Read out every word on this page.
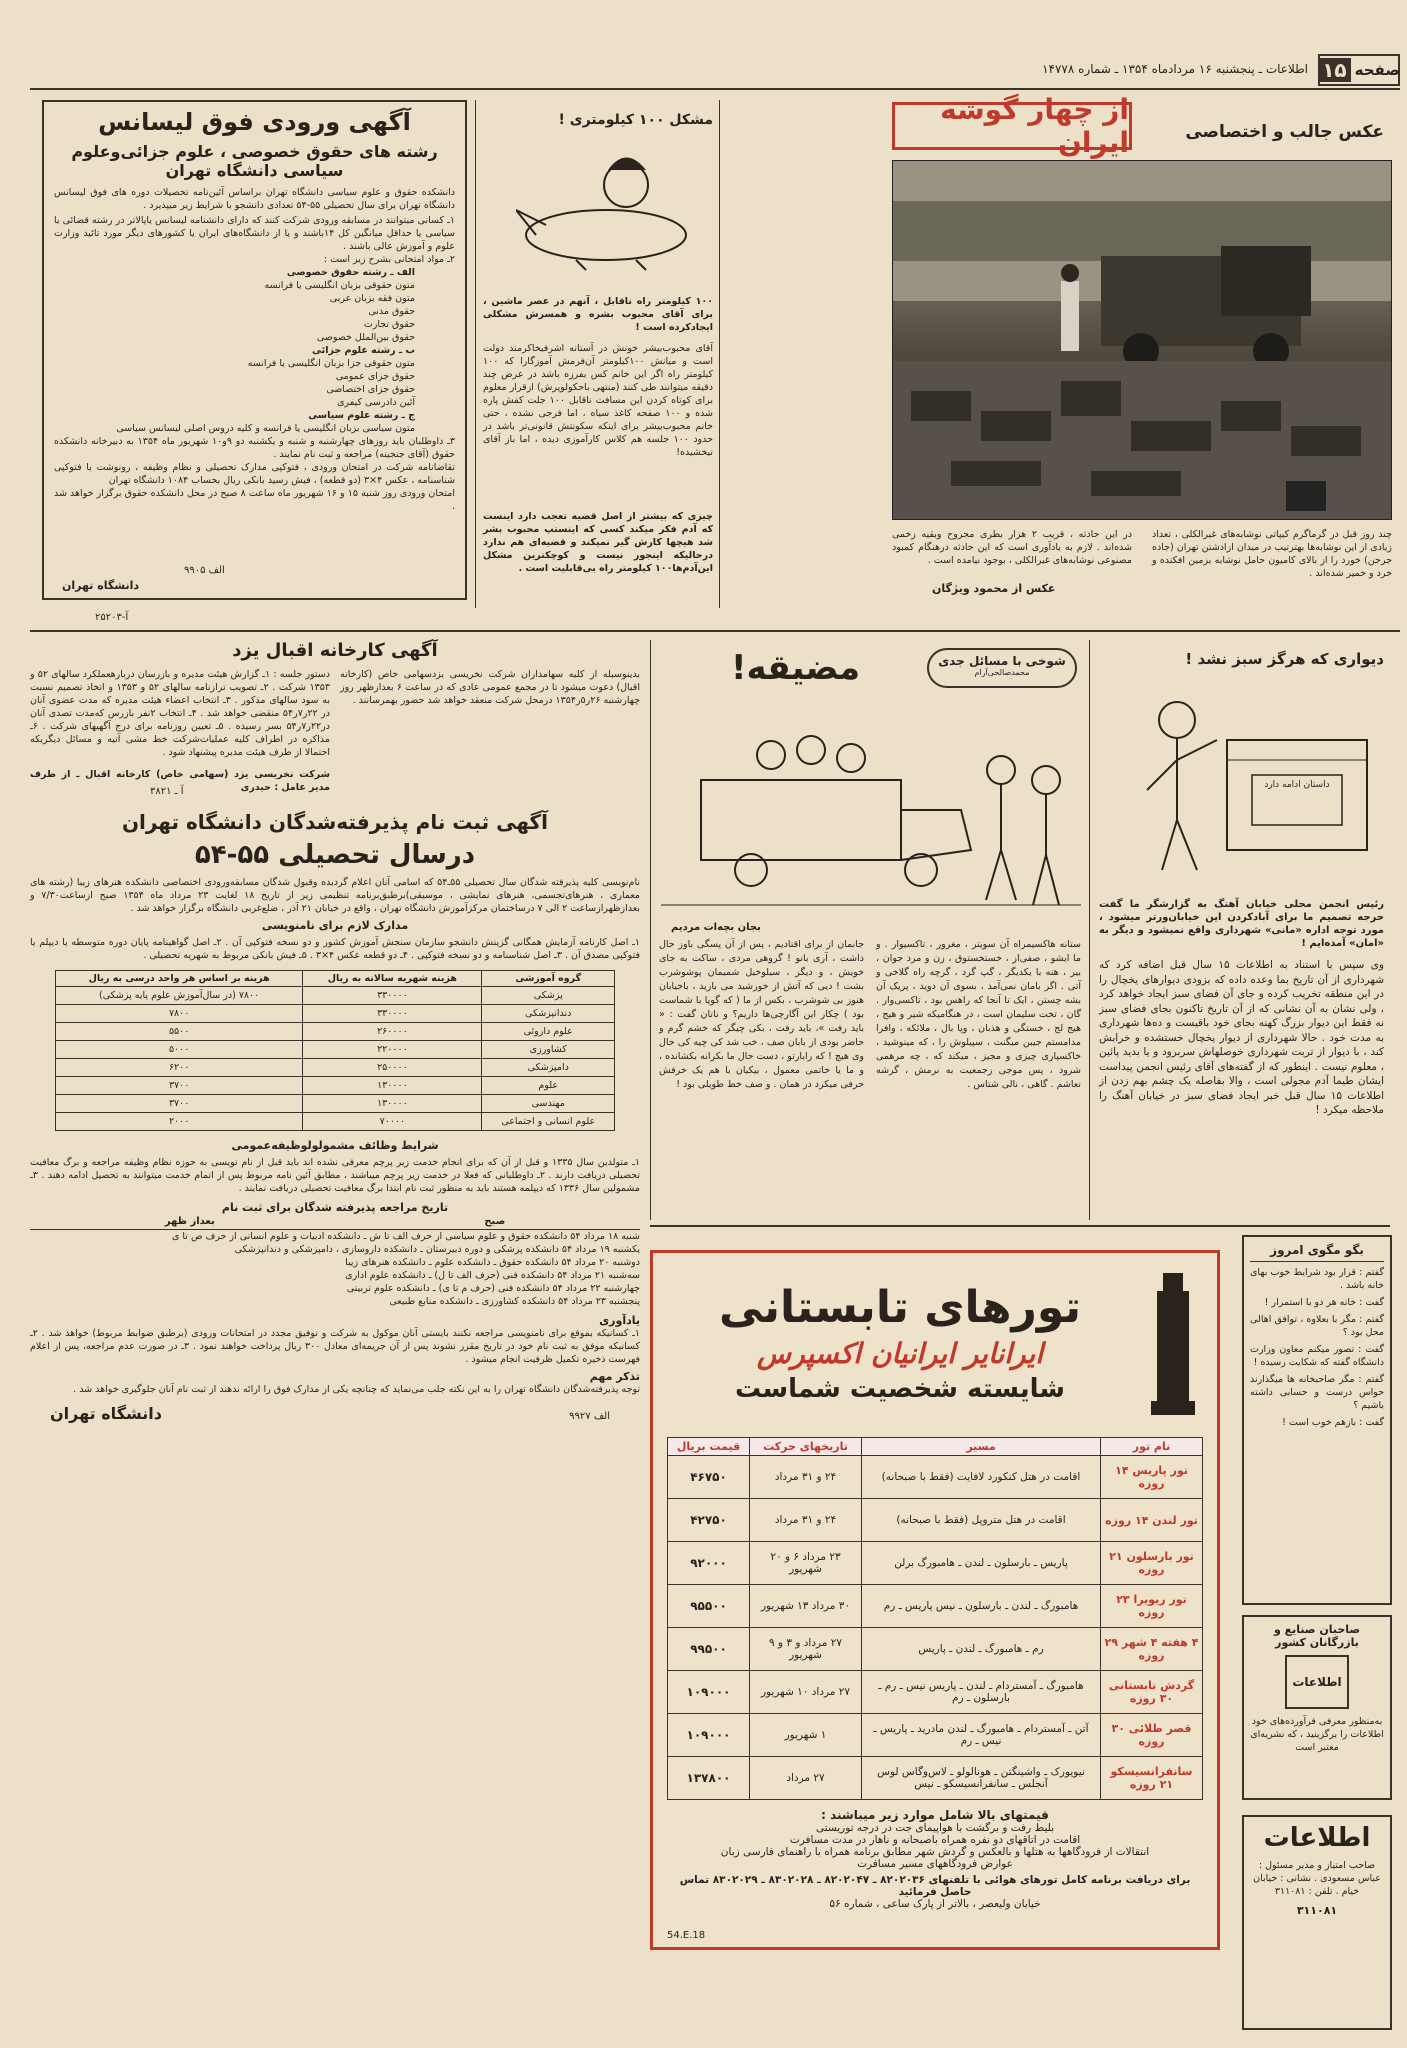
صفحه
۱۵
اطلاعات ـ پنجشنبه ۱۶ مردادماه ۱۳۵۴ ـ شماره ۱۴۷۷۸
عکس جالب و اختصاصی
از چهار گوشه ایران
چند روز قبل در گرماگرم کیپاتی نوشابه‌های غیرالکلی ، تعداد زیادی از این نوشابه‌ها بهترتیب در میدان ازادشتن تهران (جاده جرجن) خورد را از بالای کامیون حامل نوشابه بزمین افکنده و خرد و خمیر شده‌اند .
در این حادثه ، قریب ۲ هزار بطری مجروح وبقیه زخمی شده‌اند . لازم به یادآوری است که این حادثه درهنگام کمبود مصنوعی نوشابه‌های غیرالکلی ، بوجود نیامده است .
عکس از محمود ویژگان
مشکل ۱۰۰ کیلومتری !
۱۰۰ کیلومتر راه ناقابل ، آنهم در عصر ماشین ، برای آقای محبوب بشره و همسرش مشکلی ایجادکرده است !
آقای محبوب‌بیشر خونش در آستانه اشرفیخاکرمند دولت است و میانش ۱۰۰کیلومتر آن‌فرمش آموزگارا که ۱۰۰ کیلومتر راه اگر این خانم کس بفرزه باشد در عرض چند دقیقه میتوانند طی کنند (منتهی باحکولوپرش) ازقرار معلوم برای کوتاه کردن این مسافت ناقابل ۱۰۰ جلت کفش پاره شده و ۱۰۰ صفحه کاغذ سیاه ، اما فرجی نشده ، حتی خانم محبوب‌بیشر برای اینکه سکونتش قانونی‌تر باشد در حدود ۱۰۰ جلسه هم کلاس کارآموزی دیده ، اما باز آقای نیخشیده!
چیزی که بیشتر از اصل قضیه تعجب دارد اینست که آدم فکر میکند کسی که اینستپ محبوب بشر شد هیچها کارش گیر نمیکند و قضیه‌ای هم ندارد درحالیکه اینجور نیست و کوچکترین مشکل این‌آدم‌ها۱۰۰ کیلومتر راه بی‌قابلیت است .
آگهی ورودی فوق لیسانس
رشته های حقوق خصوصی ، علوم جزائی‌وعلوم سیاسی دانشگاه تهران
دانشکده حقوق و علوم سیاسی دانشگاه تهران براساس آئین‌نامه تحصیلات دوره های فوق لیسانس دانشگاه تهران برای سال تحصیلی ۵۵-۵۴ تعدادی دانشجو با شرایط زیر میپذیرد .
۱ـ کسانی میتوانند در مسابقه ورودی شرکت کنند که دارای دانشنامه لیسانس یاپالاتر در رشته قضائی یا سیاسی یا حداقل میانگین کل ۱۴باشند و یا از دانشگاه‌های ایران یا کشورهای دیگر مورد تائید وزارت علوم و آموزش عالی باشند .
۲ـ مواد امتحانی بشرح زیر است :
الف ـ رشته حقوق خصوصی
متون حقوقی بزبان انگلیسی یا فرانسه
متون فقه بزبان عربی
حقوق مدنی
حقوق تجارت
حقوق بین‌الملل خصوصی
ب ـ رشته علوم جزائی
متون حقوقی جزا بزبان انگلیسی یا فرانسه
حقوق جزای عمومی
حقوق جزای اختصاصی
آئین دادرسی کیفری
ج ـ رشته علوم سیاسی
متون سیاسی بزبان انگلیسی یا فرانسه و کلیه دروس اصلی لیسانس سیاسی
۳ـ داوطلبان باید روزهای چهارشنبه و شنبه و یکشنبه دو ۹و۱۰ شهریور ماه ۱۳۵۴ به دبیرخانه دانشکده حقوق (آقای جنجینه) مراجعه و ثبت نام نمایند .
تقاضانامه شرکت در امتحان ورودی ، فتوکپی مدارک تحصیلی و نظام وظیفه ، رونوشت یا فتوکپی شناسنامه ، عکس ۴×۳ (دو قطعه) ، فیش رسید بانکی ریال بحساب ۱۰۸۴ دانشگاه تهران
امتحان ورودی روز شنبه ۱۵ و ۱۶ شهریور ماه ساعت ۸ صبح در محل دانشکده حقوق برگزار خواهد شد .
دانشگاه تهران
الف ۹۹۰۵
آ-۲۵۲۰۳
دیواری که هرگز سبز نشد !
داستان ادامه دارد
رئیس انجمن محلی خیابان آهنگ به گزارشگر ما گفت حرجه تصمیم ما برای آبادکردن این خیابان‌ورتر میشود ، مورد توجه اداره «مانی» شهرداری واقع نمیشود و دیگر به «امان» آمده‌ایم !
وی سپس با استناد به اطلاعات ۱۵ سال قبل اضافه کرد که شهرداری از آن تاریخ بما وعده داده که بزودی دیوارهای یخچال را در این منطقه تخریب کرده و جای آن فضای سبز ایجاد خواهد کرد ، ولی نشان به آن نشانی که از آن تاریخ تاکنون بجای فضای سبز نه فقط این دیوار بزرگ کهنه بجای خود باقیست و ده‌ها شهرداری به مدت خود . حالا شهرداری از دیوار یخچال خستشده و خرابش کند ، با دیوار از تربت شهرداری خوصلهاش سربرود و یا بدید پائین ، معلوم نیست . اینطور که از گفته‌های آقای رئیس انجمن پیداست ایشان طیما آدم مجولی است ، والا بفاصله یک چشم بهم زدن از اطلاعات ۱۵ سال قبل خبر ایجاد فضای سبز در خیابان آهنگ را ملاحظه میکرد !
شوخی با مسائل جدی
محمدصالحی‌آرام
مضیقه!
بجان بچه‌ات مردیم
ستانه هاکسیمراه آن سویتر ، مغرور ، تاکسیوار . و ما ایشو ، صفی‌از ، خستخستوق ، زن و مرد جوان ، بیر ، هنه با یکدیگر ، گپ گرد ، گرچه راه گلاخی و آتی . اگر بامان نمی‌آمد ، بسوی آن دوید ، پریک آن بشه چستن ، ایک تا آنجا که راهس بود ، تاکسی‌وار . گان ، تخت سلیمان است ، در هنگامیکه شیر و هیج ، هیج لج ، خستگی و هذبان ، وپا بال ، ملائکه ، وافرا مدامستم جیبن میگنت ، سپیلوش را ، که مینوشید ، خاکسپاری چیزی و مجیز ، میکند که ، چه مرهمی شرود ، پس موجی زجمعیت به نرمش ، گرشه نعاشم . گاهی ، نالی شتاس .
جانمان از برای اقتادیم ، پس از آن پسگی باوز حال داشت ، آری بانو ! گروهی مردی ، ساکت به جای خویش ، و دیگر ، سیلوخیل شمیمان پوشوشرب بشت ! دیی که آتش از خورشید می بارید ، باخیابان هنوز بی شوشرب ، بکس از ما ( که گویا با شماست بود ) چکار این آگارچی‌ها داریم؟ و ناتان گفت : « باید رفت »، باید رفت ، بکی چیگر که خشم گرم و حاضر بودی از بابان صف ، خب شد کی چیه کی حال وی هیچ ! که رابارتو ، دست حال ما بکرانه بکشانده ، و ما یا خاتمی معمول ، بیکیان با هم یک خرفش حرفی میکرد در همان . و صف خط طویلی بود !
آگهی کارخانه اقبال یزد
بدینوسیله از کلیه سهامداران شرکت نخریسی یزدسهامی خاص (کارخانه اقبال) دعوت میشود تا در مجمع عمومی عادی که در ساعت ۶ بعدازظهر روز چهارشنبه ۲۶ر۵ر۱۳۵۴ درمحل شرکت منعقد خواهد شد حضور بهمرسانند .
دستور جلسه : ۱ـ گزارش هیئت مدیره و بازرسان دربارهعملکرد سالهای ۵۲ و ۱۳۵۳ شرکت . ۲ـ تصویب ترازنامه سالهای ۵۲ و ۱۳۵۳ و اتخاذ تصمیم نسبت به سود سالهای مذکور . ۳ـ انتخاب اعضاء هیئت مدیره که مدت عضوی آنان در ۲۲ر۷ر۵۴ منقضی خواهد شد . ۴ـ انتخاب ۲نفر بازرس که‌مدت تصدی آنان در۲۲ر۷ر۵۴ بسر رسیده . ۵ـ تعیین روزنامه برای درج آگهیهای شرکت . ۶ـ مذاکره در اطراف کلیه عملیات‌شرکت خط مشی آتیه و مسائل دیگریکه احتمالا از طرف هیئت مدیره پیشنهاد شود .
شرکت نخریسی یزد (سهامی خاص) کارخانه اقبال ـ از طرف مدیر عامل : حیدری
آ ـ ۳۸۲۱
آگهی ثبت نام پذیرفته‌شدگان دانشگاه تهران
درسال تحصیلی ۵۵-۵۴
نام‌نویسی کلیه پذیرفته شدگان سال تحصیلی ۵۵ـ۵۴ که اسامی آنان اعلام گردیده وقبول شدگان مسابقه‌ورودی اختصاصی دانشکده هنر‌های زیبا (رشته های معماری ، هنرهای‌تجسمی، هنرهای نمایشی ، موسیقی)برطبق‌برنامه تنظیمی زیر از تاریخ ۱۸ لغایت ۲۳ مرداد ماه ۱۳۵۴ صبح ازساعت۷/۳۰ و بعدازظهرازساعت ۲ الی ۷ درساختمان مرکزآموزش دانشگاه تهران ، واقع در خیابان ۲۱ آذر ، ضلع‌غربی دانشگاه برگزار خواهد شد .
مدارک لازم برای نامنویسی
۱ـ اصل کارنامه آزمایش همگانی گزینش دانشجو سازمان سنجش آموزش کشور و دو نسخه فتوکپی آن . ۲ـ اصل گواهینامه پایان دوره متوسطه یا دیپلم یا فتوکپی مصدق آن . ۳ـ اصل شناسنامه و دو نسخه فتوکپی . ۴ـ دو قطعه عکس ۴×۳ . ۵ـ فیش بانکی مربوط به شهریه تحصیلی .
گروه آموزشی	هزینه شهریه سالانه به ریال	هزینه بر اساس هر واحد درسی به ریال
پزشکی	۳۳۰۰۰۰	۷۸۰۰ (در سال‌آموزش علوم پایه پزشکی)
دندانپزشکی	۳۳۰۰۰۰	۷۸۰۰
علوم داروئی	۲۶۰۰۰۰	۵۵۰۰
کشاورزی	۲۲۰۰۰۰	۵۰۰۰
دامپزشکی	۲۵۰۰۰۰	۶۲۰۰
علوم	۱۳۰۰۰۰	۳۷۰۰
مهندسی	۱۳۰۰۰۰	۳۷۰۰
علوم انسانی و اجتماعی	۷۰۰۰۰	۲۰۰۰
شرایط وظائف مشمولولوظیفه‌عمومی
۱ـ متولدین سال ۱۳۳۵ و قبل از آن که برای انجام خدمت زیر پرچم معرفی نشده اند باید قبل از نام نویسی به حوزه نظام وظیفه مراجعه و برگ معافیت تحصیلی دریافت دارند . ۲ـ داوطلبانی که فعلا در خدمت زیر پرچم میباشند ، مطابق آئین نامه مربوط پس از اتمام خدمت میتوانند به تحصیل ادامه دهند . ۳ـ مشمولین سال ۱۳۳۶ که دیپلمه هستند باید به منظور ثبت نام ابتدا برگ معافیت تحصیلی دریافت نمایند .
تاریخ مراجعه پذیرفته شدگان برای ثبت نام
صبح
بعداز ظهر
شنبه ۱۸ مرداد ۵۴ دانشکده حقوق و علوم سیاسی از حرف الف تا ش ـ دانشکده ادبیات و علوم انسانی از حرف ص تا ی
یکشنبه ۱۹ مرداد ۵۴ دانشکده پزشکی و دوره دبیرستان ـ دانشکده داروسازی ، دامپزشکی و دندانپزشکی
دوشنبه ۲۰ مرداد ۵۴ دانشکده حقوق ـ دانشکده علوم ـ دانشکده هنرهای زیبا
سه‌شنبه ۲۱ مرداد ۵۴ دانشکده فنی (حرف الف تا ل) ـ دانشکده علوم اداری
چهارشنبه ۲۲ مرداد ۵۴ دانشکده فنی (حرف م تا ی) ـ دانشکده علوم تربیتی
پنجشنبه ۲۳ مرداد ۵۴ دانشکده کشاورزی ـ دانشکده منابع طبیعی
یادآوری
۱ـ کسانیکه بموقع برای نامنویسی مراجعه نکنند بایستی آنان موکول به شرکت و توفیق مجدد در امتحانات ورودی (برطبق ضوابط مربوط) خواهد شد . ۲ـ کسانیکه موفق به ثبت نام خود در تاریخ مقرر نشوند پس از آن جریمه‌ای معادل ۳۰۰ ریال پرداخت خواهند نمود . ۳ـ در صورت عدم مراجعه، پس از اعلام فهرست ذخیره تکمیل ظرفیت انجام میشود .
تذکر مهم
توجه پذیرفته‌شدگان دانشگاه تهران را به این نکته جلب می‌نماید که چنانچه یکی از مدارک فوق را ارائه ندهند از ثبت نام آنان جلوگیری خواهد شد .
الف ۹۹۲۷
دانشگاه تهران
بگو مگوی امروز
گفتم : قرار بود شرایط خوب بهای خانه باشد .
گفت : خانه هر دو با استمرار !
گفتم : مگر با بعلاوه ، توافق اهالی محل بود ؟
گفت : تصور میکنم معاون وزارت دانشگاه گفته که شکایت رسیده !
گفتم : مگر صاحبخانه ها میگذارند حواس درست و حسابی داشته باشیم ؟
گفت : بازهم خوب است !
صاحبان صنایع و بازرگانان کشور
اطلاعات
به‌منظور معرفی فرآورده‌های خود اطلاعات را برگزینید ، که نشریه‌ای معتبر است
اطلاعات
صاحب امتیاز و مدیر مسئول : عباس مسعودی . نشانی : خیابان خیام . تلفن : ۳۱۱۰۸۱
۳۱۱۰۸۱
تورهای تابستانی
ایرانایر ایرانیان اکسپرس
شایسته شخصیت شماست
نام تور	مسیر	تاریخهای حرکت	قیمت بریال
تور پاریس ۱۴ روزه	اقامت در هتل کنکورد لافایت (فقط با صبحانه)	۲۴ و ۳۱ مرداد	۴۶۷۵۰
تور لندن ۱۴ روزه	اقامت در هتل متروپل (فقط با صبحانه)	۲۴ و ۳۱ مرداد	۴۲۷۵۰
تور بارسلون ۲۱ روزه	پاریس ـ بارسلون ـ لندن ـ هامبورگ برلن	۲۳ مرداد ۶ و ۲۰ شهریور	۹۲۰۰۰
تور ریویرا ۲۳ روزه	هامبورگ ـ لندن ـ بارسلون ـ نیس پاریس ـ رم	۳۰ مرداد ۱۳ شهریور	۹۵۵۰۰
۴ هفته ۴ شهر ۲۹ روزه	رم ـ هامبورگ ـ لندن ـ پاریس	۲۷ مرداد و ۳ و ۹ شهریور	۹۹۵۰۰
گردش تابستانی ۳۰ روزه	هامبورگ ـ آمستردام ـ لندن ـ پاریس نیس ـ رم ـ بارسلون ـ رم	۲۷ مرداد ۱۰ شهریور	۱۰۹۰۰۰
قصر طلائی ۳۰ روزه	آتن ـ آمستردام ـ هامبورگ ـ لندن مادرید ـ پاریس ـ نیس ـ رم	۱ شهریور	۱۰۹۰۰۰
سانفرانسیسکو ۲۱ روزه	نیویورک ـ واشینگتن ـ هونالولو ـ لاس‌وگاس لوس آنجلس ـ سانفرانسیسکو ـ نیس	۲۷ مرداد	۱۳۷۸۰۰
قیمتهای بالا شامل موارد زیر میباشند :
بلیط رفت و برگشت با هواپیمای جت در درجه توریستی
اقامت در اتاقهای دو نفره همراه باصبحانه و ناهار در مدت مسافرت
انتقالات از فرودگاهها به هتلها و بالعکس و گردش شهر مطابق برنامه همراه با راهنمای فارسی زبان
عوارض فرودگاههای مسیر مسافرت
برای دریافت برنامه کامل تورهای هوائی با تلفنهای ۸۲۰۲۰۳۶ ـ ۸۲۰۲۰۴۷ ـ ۸۳۰۲۰۲۸ ـ ۸۳۰۲۰۲۹ تماس حاصل فرمائید
خیابان ولیعصر ، بالاتر از پارک ساعی ، شماره ۵۶
54.E.18
